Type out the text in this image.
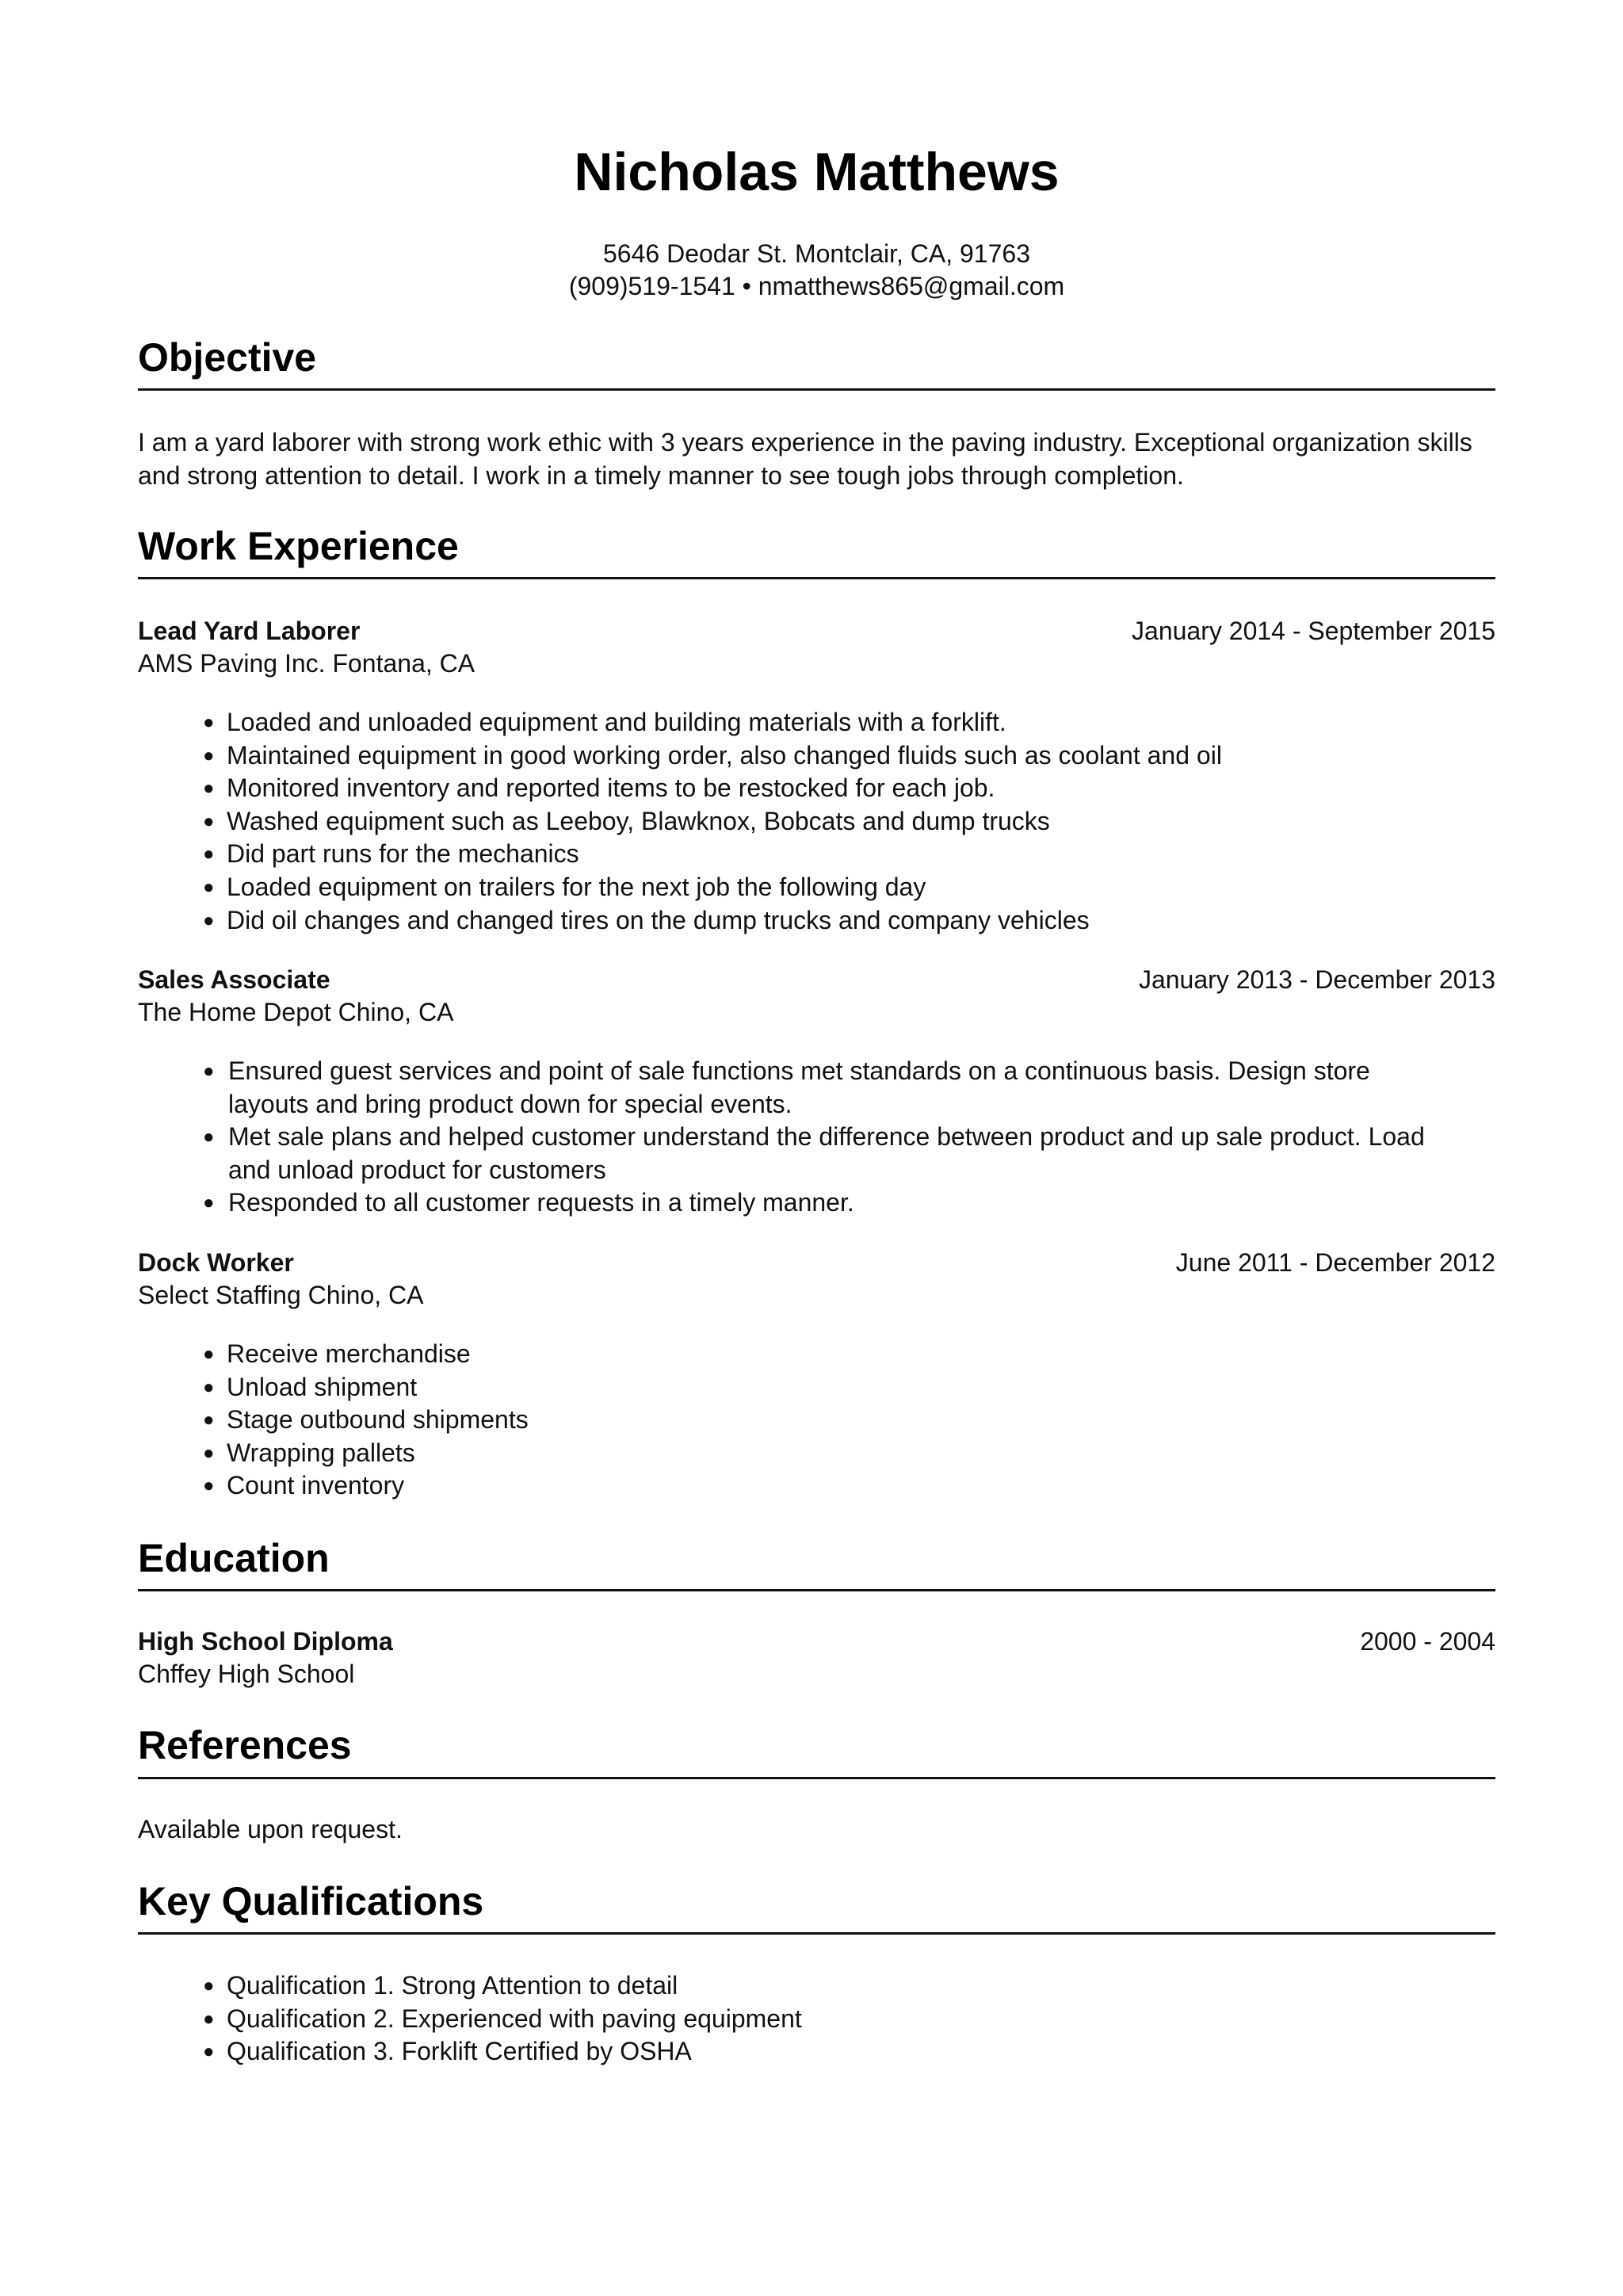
Nicholas Matthews
5646 Deodar St. Montclair, CA, 91763
(909)519-1541 • nmatthews865@gmail.com
Objective
I am a yard laborer with strong work ethic with 3 years experience in the paving industry. Exceptional organization skills and strong attention to detail. I work in a timely manner to see tough jobs through completion.
Work Experience
Lead Yard Laborer	January 2014 - September 2015
AMS Paving Inc. Fontana, CA
● Loaded and unloaded equipment and building materials with a forklift.
● Maintained equipment in good working order, also changed fluids such as coolant and oil
● Monitored inventory and reported items to be restocked for each job.
● Washed equipment such as Leeboy, Blawknox, Bobcats and dump trucks
● Did part runs for the mechanics
● Loaded equipment on trailers for the next job the following day
● Did oil changes and changed tires on the dump trucks and company vehicles
Sales Associate	January 2013 - December 2013
The Home Depot Chino, CA
● Ensured guest services and point of sale functions met standards on a continuous basis. Design store layouts and bring product down for special events.
● Met sale plans and helped customer understand the difference between product and up sale product. Load and unload product for customers
● Responded to all customer requests in a timely manner.
Dock Worker	June 2011 - December 2012
Select Staffing Chino, CA
● Receive merchandise
● Unload shipment
● Stage outbound shipments
● Wrapping pallets
● Count inventory
Education
High School Diploma	2000 - 2004
Chffey High School
References
Available upon request.
Key Qualifications
● Qualification 1. Strong Attention to detail
● Qualification 2. Experienced with paving equipment
● Qualification 3. Forklift Certified by OSHA
